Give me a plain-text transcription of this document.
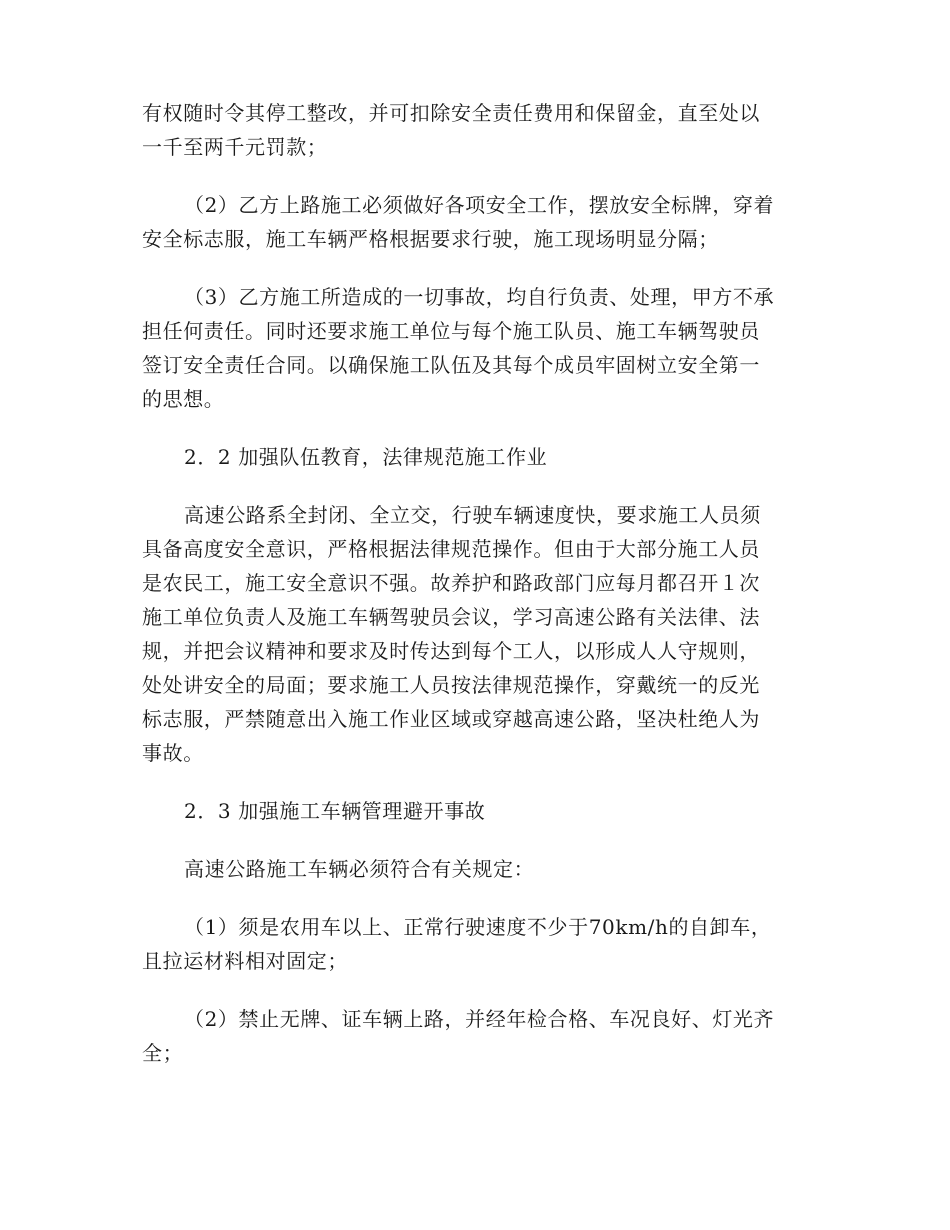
有权随时令其停工整改，并可扣除安全责任费用和保留金，直至处以
一千至两千元罚款；
（2）乙方上路施工必须做好各项安全工作，摆放安全标牌，穿着
安全标志服，施工车辆严格根据要求行驶，施工现场明显分隔；
（3）乙方施工所造成的一切事故，均自行负责、处理，甲方不承
担任何责任。同时还要求施工单位与每个施工队员、施工车辆驾驶员
签订安全责任合同。以确保施工队伍及其每个成员牢固树立安全第一
的思想。
2．2 加强队伍教育，法律规范施工作业
高速公路系全封闭、全立交，行驶车辆速度快，要求施工人员须
具备高度安全意识，严格根据法律规范操作。但由于大部分施工人员
是农民工，施工安全意识不强。故养护和路政部门应每月都召开１次
施工单位负责人及施工车辆驾驶员会议，学习高速公路有关法律、法
规，并把会议精神和要求及时传达到每个工人，以形成人人守规则，
处处讲安全的局面；要求施工人员按法律规范操作，穿戴统一的反光
标志服，严禁随意出入施工作业区域或穿越高速公路，坚决杜绝人为
事故。
2．3 加强施工车辆管理避开事故
高速公路施工车辆必须符合有关规定：
（1）须是农用车以上、正常行驶速度不少于70km/h的自卸车，
且拉运材料相对固定；
（2）禁止无牌、证车辆上路，并经年检合格、车况良好、灯光齐
全；
